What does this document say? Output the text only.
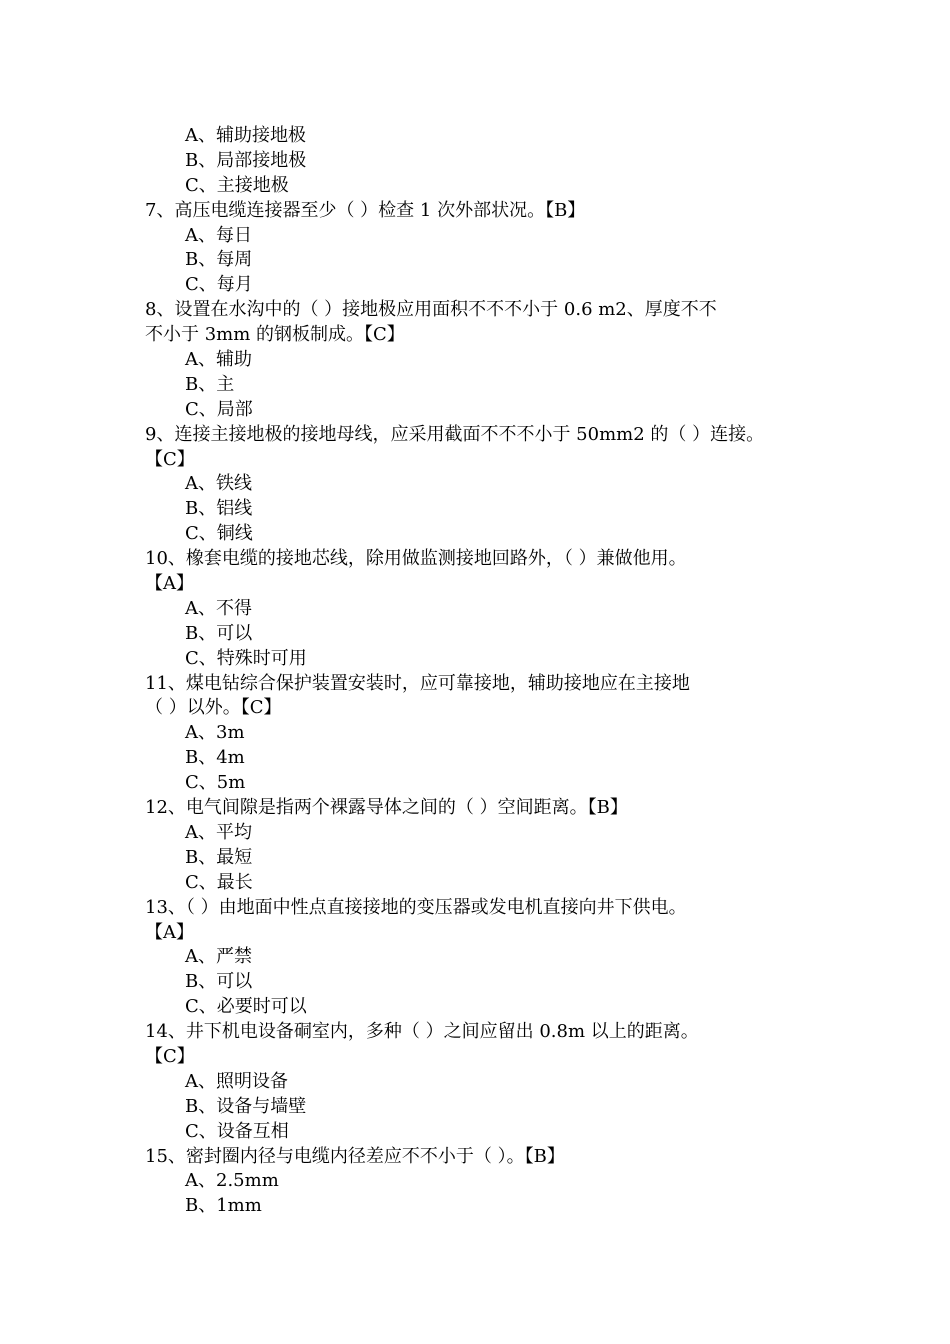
A、辅助接地极
B、局部接地极
C、主接地极
7、高压电缆连接器至少（ ）检查 1 次外部状况。【B】
A、每日
B、每周
C、每月
8、设置在水沟中的（ ）接地极应用面积不不不小于 0.6 m2、厚度不不
不小于 3mm 的钢板制成。【C】
A、辅助
B、主
C、局部
9、连接主接地极的接地母线，应采用截面不不不小于 50mm2 的（ ）连接。
【C】
A、铁线
B、铝线
C、铜线
10、橡套电缆的接地芯线，除用做监测接地回路外，（ ）兼做他用。
【A】
A、不得
B、可以
C、特殊时可用
11、煤电钻综合保护装置安装时，应可靠接地，辅助接地应在主接地
（ ）以外。【C】
A、3m
B、4m
C、5m
12、电气间隙是指两个裸露导体之间的（ ）空间距离。【B】
A、平均
B、最短
C、最长
13、（ ）由地面中性点直接接地的变压器或发电机直接向井下供电。
【A】
A、严禁
B、可以
C、必要时可以
14、井下机电设备硐室内，多种（ ）之间应留出 0.8m 以上的距离。
【C】
A、照明设备
B、设备与墙壁
C、设备互相
15、密封圈内径与电缆内径差应不不小于（ ）。【B】
A、2.5mm
B、1mm
